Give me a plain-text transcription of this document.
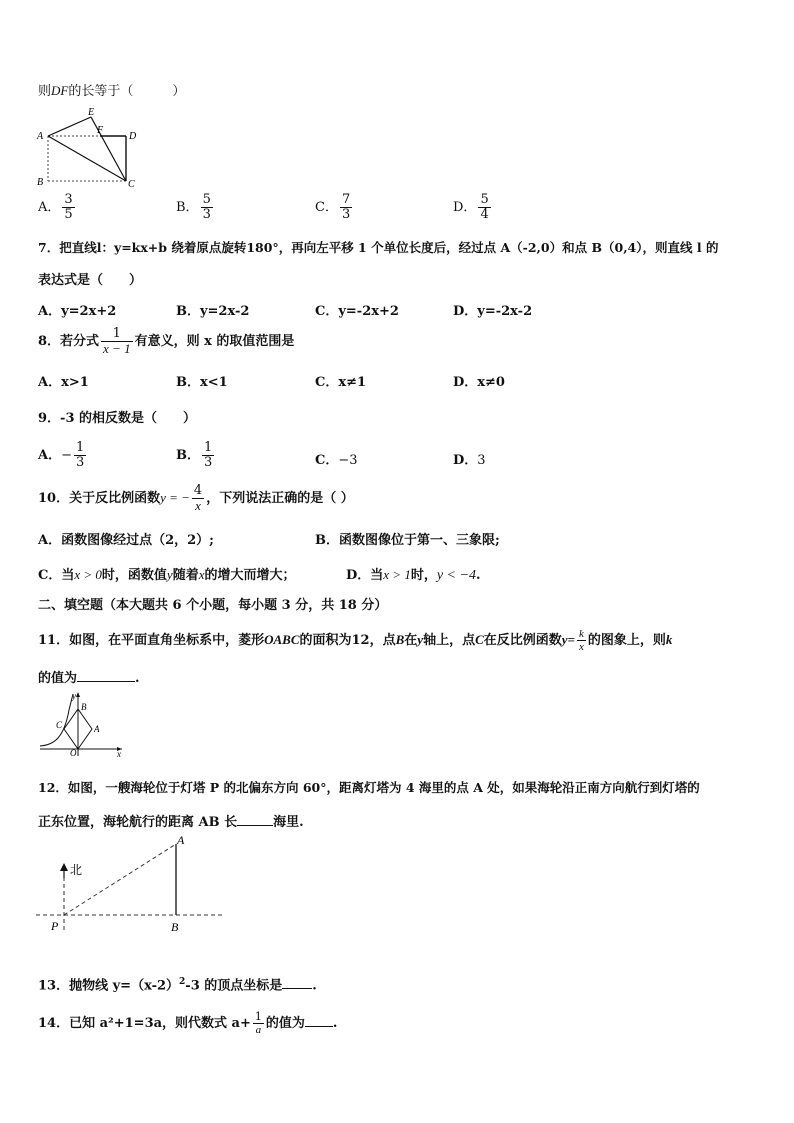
则DF的长等于（　　　）
A
E
F
D
B	C
A． $\frac{3}{5}$	B． $\frac{5}{3}$	C． $\frac{7}{3}$	D． $\frac{5}{4}$
7．把直线l：y=kx+b 绕着原点旋转180°，再向左平移 1 个单位长度后，经过点 A（-2,0）和点 B（0,4），则直线 l 的
表达式是（　　）
A．y=2x+2	B．y=2x-2	C．y=-2x+2	D．y=-2x-2
8．若分式 $\frac{1}{x - 1}$ 有意义，则 x 的取值范围是
A．x>1	B．x<1	C．x≠1	D．x≠0
9．-3 的相反数是（　　）
A．− $\frac{1}{3}$	B． $\frac{1}{3}$	C．−3	D．3
10．关于反比例函数y = − $\frac{4}{x}$ ，下列说法正确的是（ ）
A．函数图像经过点（2，2）;	B．函数图像位于第一、三象限;
C．当x > 0时，函数值y随着x的增大而增大；	D．当x > 1时，y < −4.
二、填空题（本大题共 6 个小题，每小题 3 分，共 18 分）
11．如图，在平面直角坐标系中，菱形OABC的面积为12，点B在y轴上，点C在反比例函数$y= \frac{k}{x}$ 的图象上，则k
的值为	.
y
B
C	A
O	x
12．如图，一艘海轮位于灯塔 P 的北偏东方向 60°，距离灯塔为 4 海里的点 A 处，如果海轮沿正南方向航行到灯塔的
正东位置，海轮航行的距离 AB 长	海里.
北
A
P	B
13．抛物线 $y=(x-2)^2-3$ 的顶点坐标是 .
14．已知 a²+1=3a，则代数式 $a+ \frac{1}{a}$ 的值为 .
